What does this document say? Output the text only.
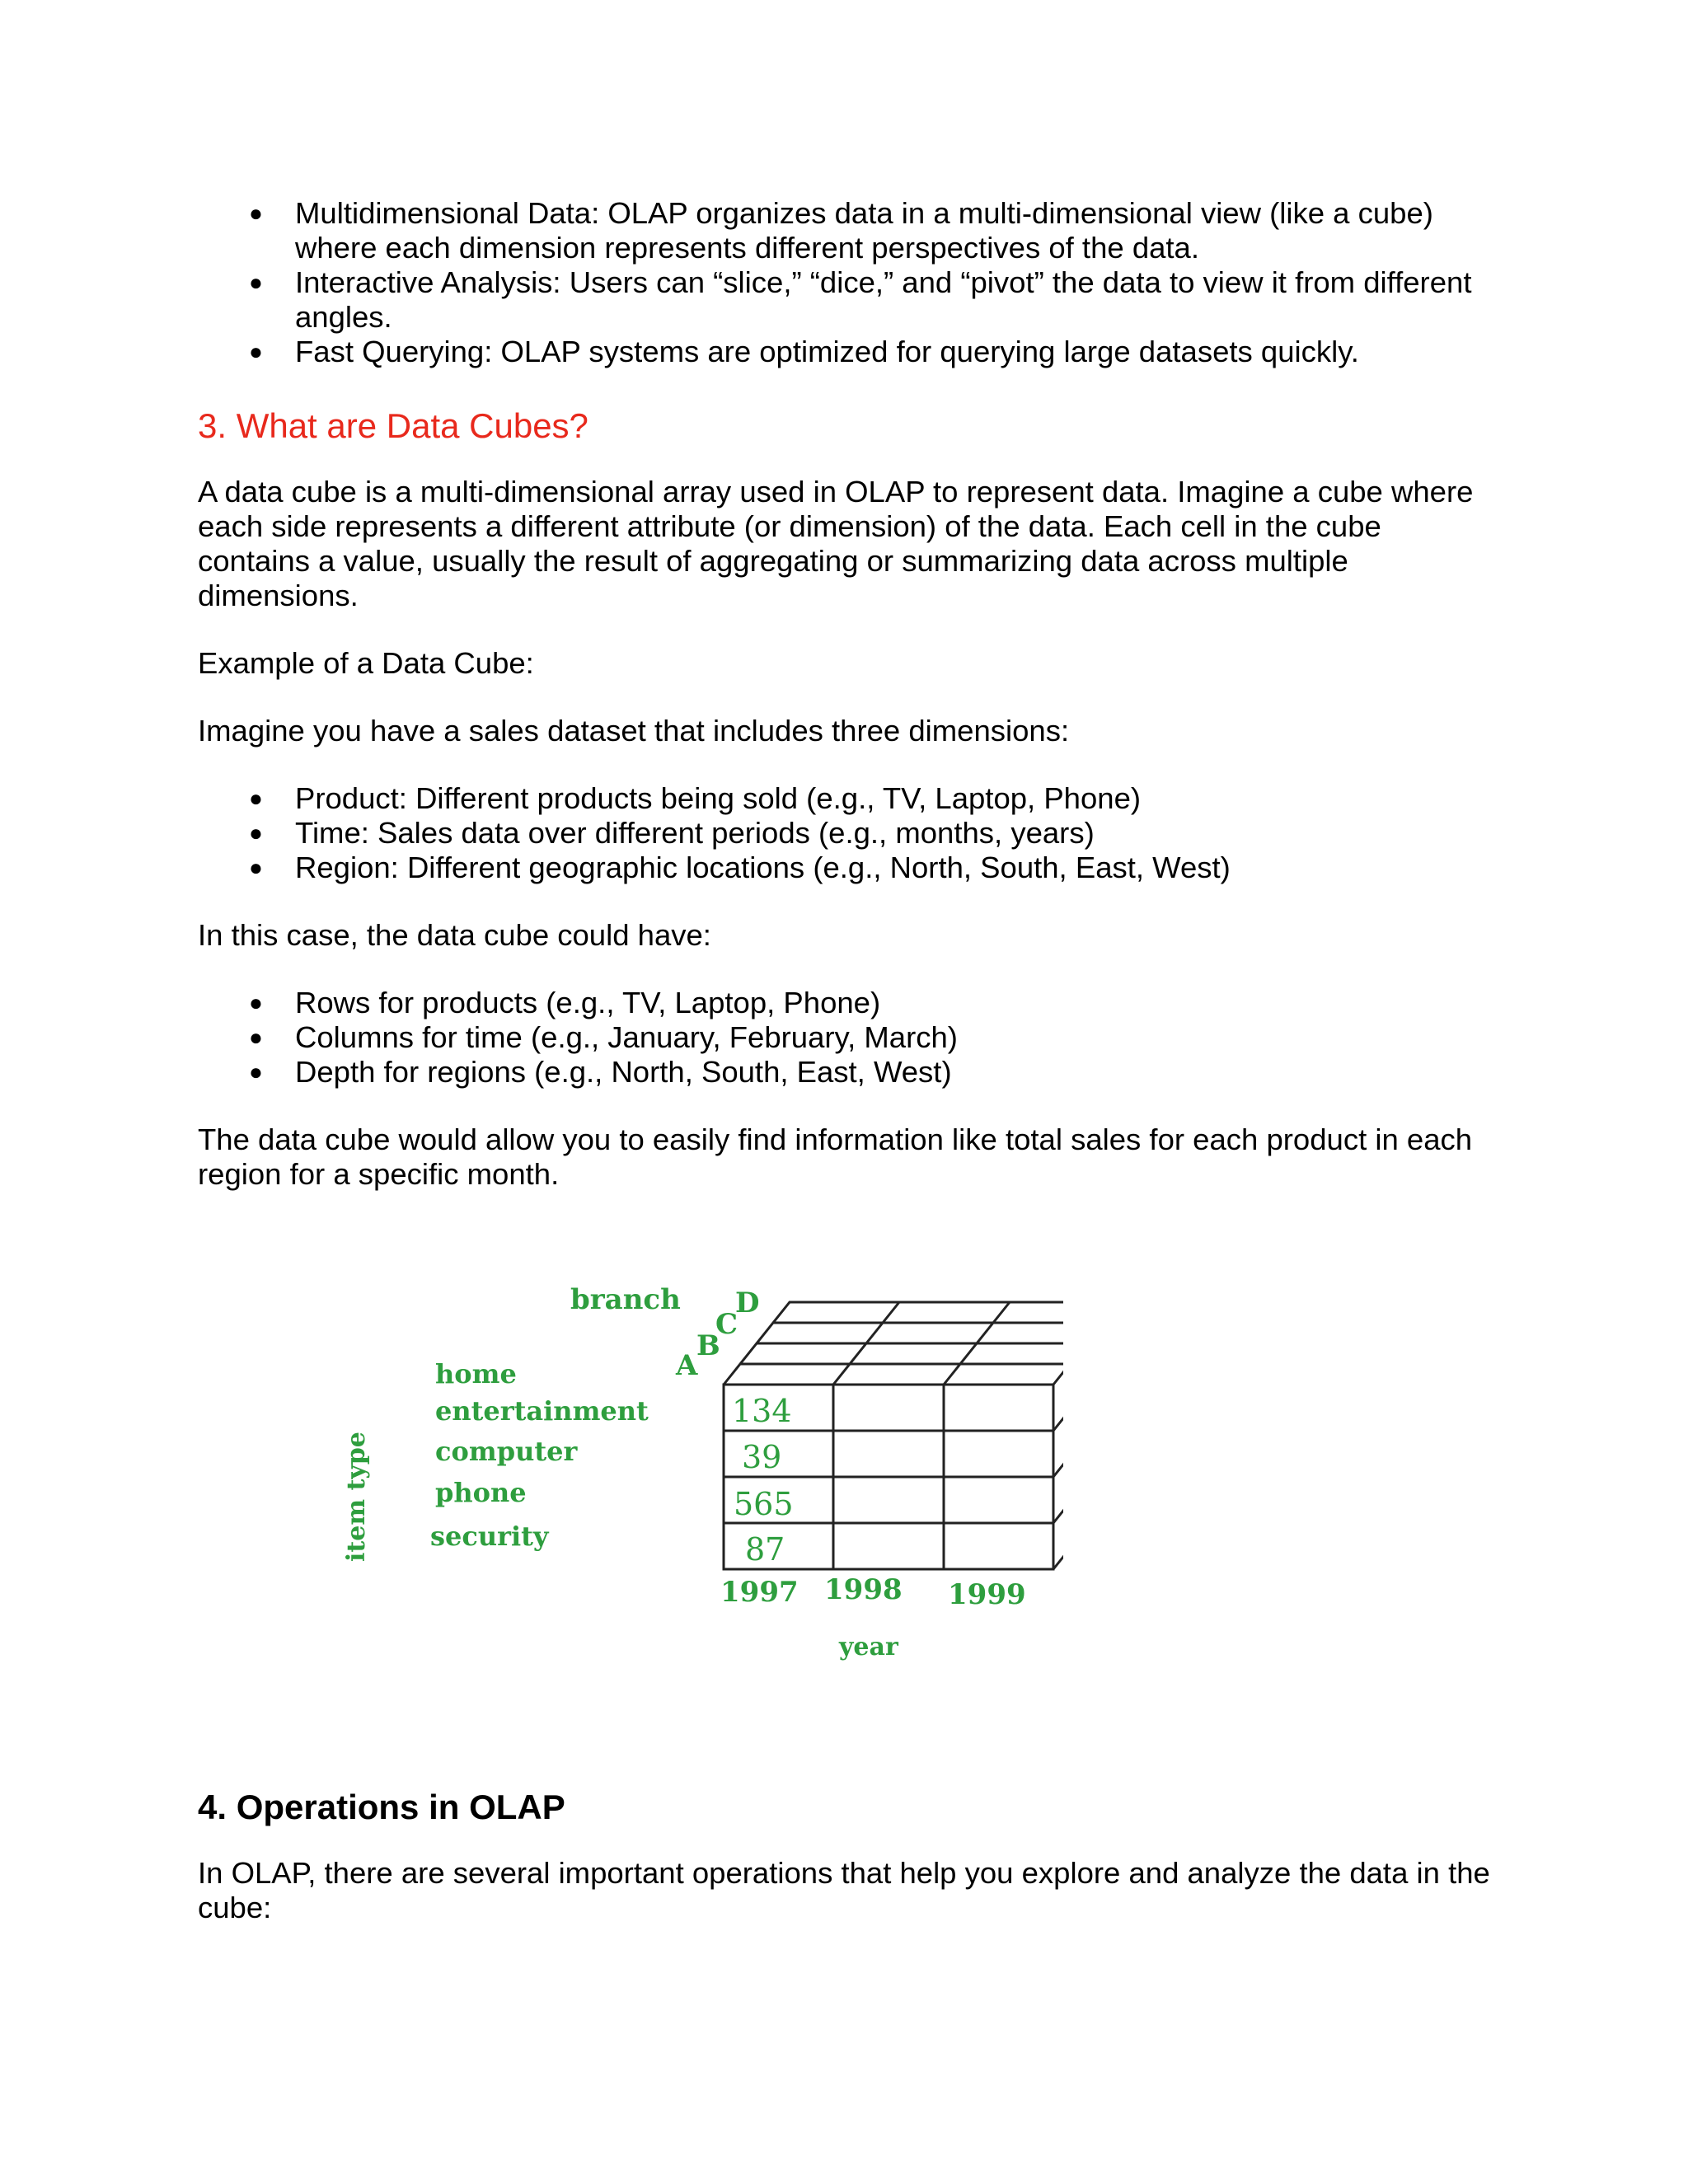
● Multidimensional Data: OLAP organizes data in a multi-dimensional view (like a cube) where each dimension represents different perspectives of the data.
● Interactive Analysis: Users can “slice,” “dice,” and “pivot” the data to view it from different angles.
● Fast Querying: OLAP systems are optimized for querying large datasets quickly.
3. What are Data Cubes?

A data cube is a multi-dimensional array used in OLAP to represent data. Imagine a cube where each side represents a different attribute (or dimension) of the data. Each cell in the cube contains a value, usually the result of aggregating or summarizing data across multiple dimensions.

Example of a Data Cube:

Imagine you have a sales dataset that includes three dimensions:

● Product: Different products being sold (e.g., TV, Laptop, Phone)
● Time: Sales data over different periods (e.g., months, years)
● Region: Different geographic locations (e.g., North, South, East, West)

In this case, the data cube could have:

● Rows for products (e.g., TV, Laptop, Phone)
● Columns for time (e.g., January, February, March)
● Depth for regions (e.g., North, South, East, West)

The data cube would allow you to easily find information like total sales for each product in each region for a specific month.

branch
A
B
C
D
item type
home
entertainment
computer
phone
security
134
39
565
87
1997 1998 1999
year
4. Operations in OLAP

In OLAP, there are several important operations that help you explore and analyze the data in the cube:
